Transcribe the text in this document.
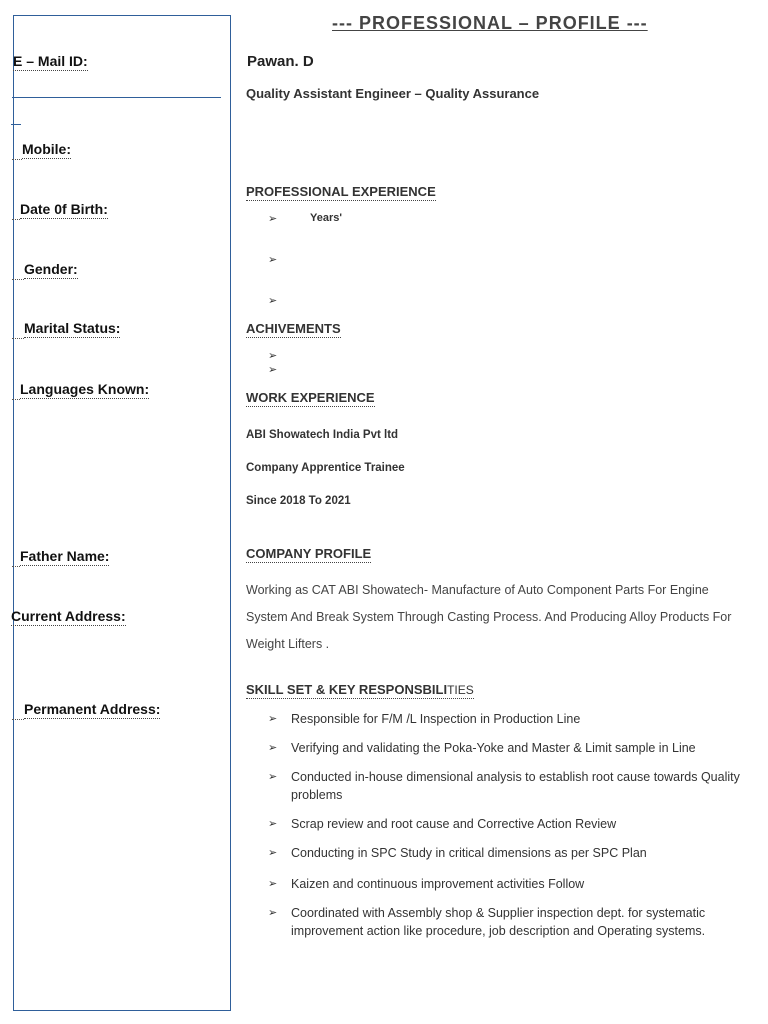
--- PROFESSIONAL – PROFILE ---
E – Mail ID:
Mobile:
Date 0f Birth:
Gender:
Marital Status:
Languages Known:
Father Name:
Current Address:
Permanent Address:
Pawan. D
Quality Assistant Engineer – Quality Assurance
PROFESSIONAL EXPERIENCE
➢	Years'
➢
➢
ACHIVEMENTS
➢
➢
WORK EXPERIENCE
ABI Showatech India Pvt ltd
Company Apprentice Trainee
Since 2018 To 2021
COMPANY PROFILE
Working as CAT ABI Showatech- Manufacture of Auto Component Parts For Engine
System And Break System Through Casting Process. And Producing Alloy Products For
Weight Lifters .
SKILL SET & KEY RESPONSBILITIES
➢ Responsible for F/M /L Inspection in Production Line
➢ Verifying and validating the Poka-Yoke and Master & Limit sample in Line
➢ Conducted in-house dimensional analysis to establish root cause towards Quality problems
➢ Scrap review and root cause and Corrective Action Review
➢ Conducting in SPC Study in critical dimensions as per SPC Plan
➢ Kaizen and continuous improvement activities Follow
➢ Coordinated with Assembly shop & Supplier inspection dept. for systematic improvement action like procedure, job description and Operating systems.
